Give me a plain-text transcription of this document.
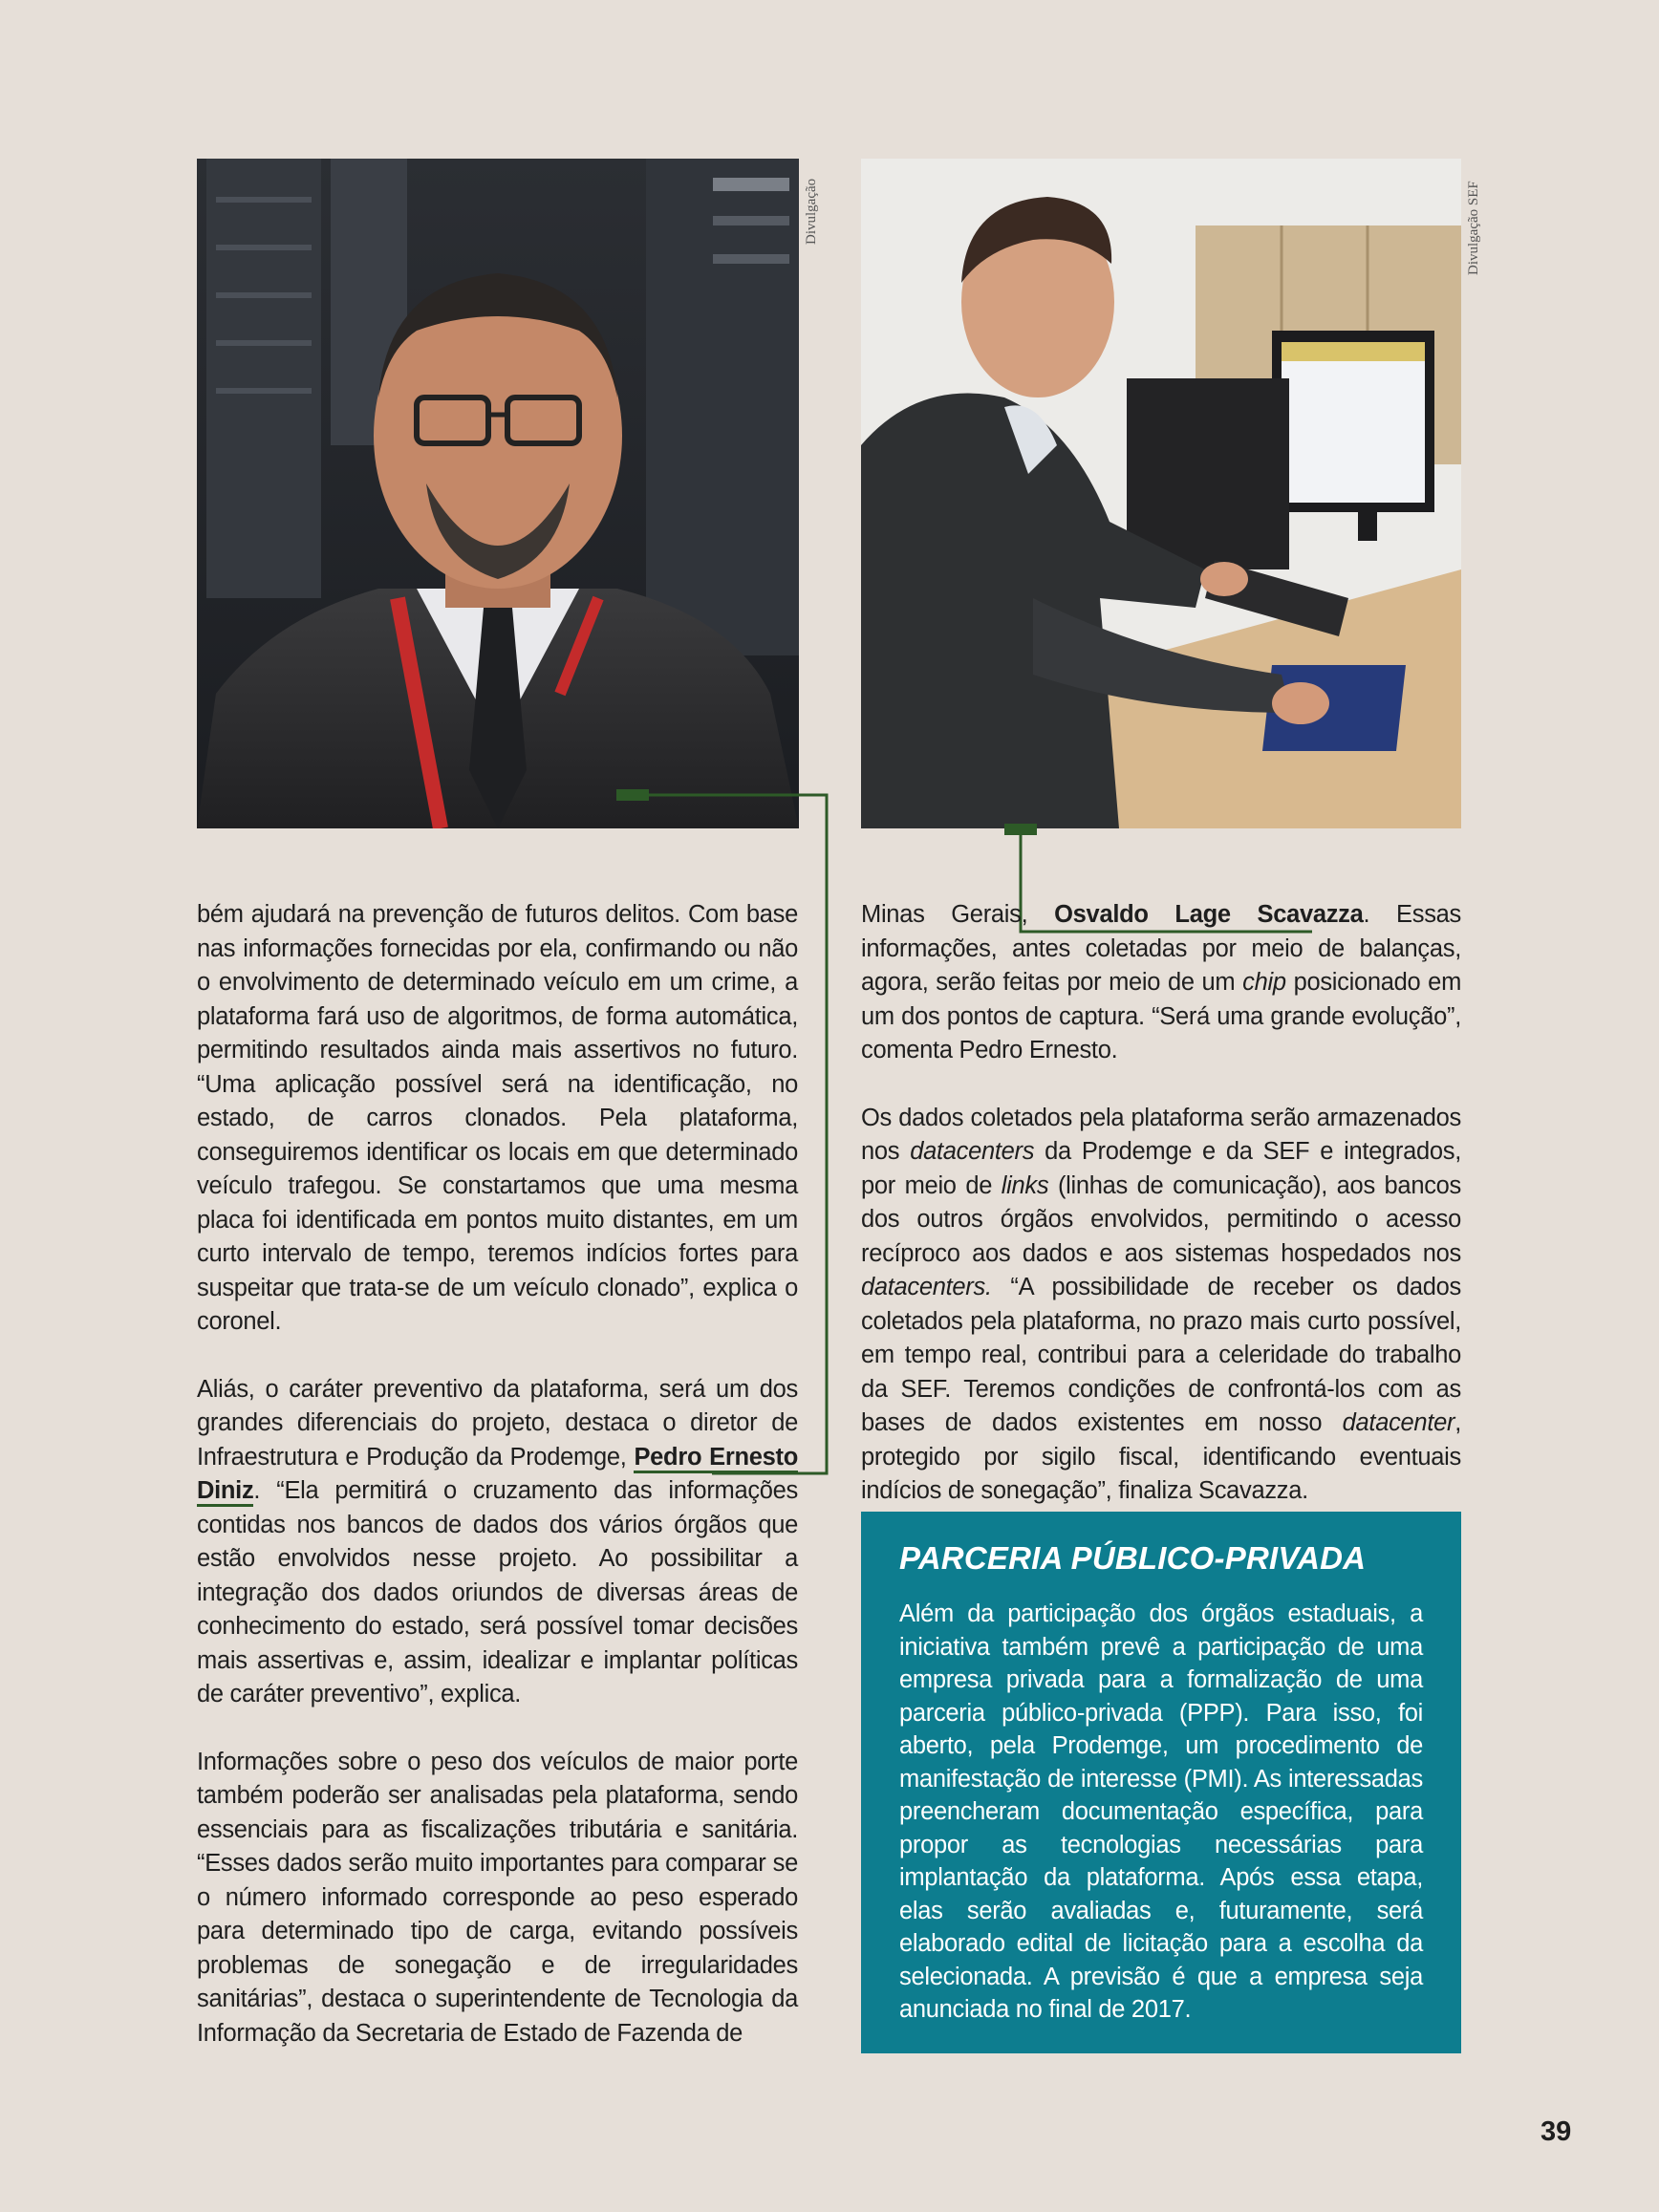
Divulgação	Divulgação SEF

bém ajudará na prevenção de futuros delitos. Com base nas informações fornecidas por ela, confirmando ou não o envolvimento de determinado veículo em um crime, a plataforma fará uso de algoritmos, de forma automática, permitindo resultados ainda mais assertivos no futuro. “Uma aplicação possível será na identificação, no estado, de carros clonados. Pela plataforma, conseguiremos identificar os locais em que determinado veículo trafegou. Se constartamos que uma mesma placa foi identificada em pontos muito distantes, em um curto intervalo de tempo, teremos indícios fortes para suspeitar que trata-se de um veículo clonado”, explica o coronel.

Aliás, o caráter preventivo da plataforma, será um dos grandes diferenciais do projeto, destaca o diretor de Infraestrutura e Produção da Prodemge, Pedro Ernesto Diniz. “Ela permitirá o cruzamento das informações contidas nos bancos de dados dos vários órgãos que estão envolvidos nesse projeto. Ao possibilitar a integração dos dados oriundos de diversas áreas de conhecimento do estado, será possível tomar decisões mais assertivas e, assim, idealizar e implantar políticas de caráter preventivo”, explica.

Informações sobre o peso dos veículos de maior porte também poderão ser analisadas pela plataforma, sendo essenciais para as fiscalizações tributária e sanitária. “Esses dados serão muito importantes para comparar se o número informado corresponde ao peso esperado para determinado tipo de carga, evitando possíveis problemas de sonegação e de irregularidades sanitárias”, destaca o superintendente de Tecnologia da Informação da Secretaria de Estado de Fazenda de

Minas Gerais, Osvaldo Lage Scavazza. Essas informações, antes coletadas por meio de balanças, agora, serão feitas por meio de um chip posicionado em um dos pontos de captura. “Será uma grande evolução”, comenta Pedro Ernesto.

Os dados coletados pela plataforma serão armazenados nos datacenters da Prodemge e da SEF e integrados, por meio de links (linhas de comunicação), aos bancos dos outros órgãos envolvidos, permitindo o acesso recíproco aos dados e aos sistemas hospedados nos datacenters. “A possibilidade de receber os dados coletados pela plataforma, no prazo mais curto possível, em tempo real, contribui para a celeridade do trabalho da SEF. Teremos condições de confrontá-los com as bases de dados existentes em nosso datacenter, protegido por sigilo fiscal, identificando eventuais indícios de sonegação”, finaliza Scavazza.

PARCERIA PÚBLICO-PRIVADA

Além da participação dos órgãos estaduais, a iniciativa também prevê a participação de uma empresa privada para a formalização de uma parceria público-privada (PPP). Para isso, foi aberto, pela Prodemge, um procedimento de manifestação de interesse (PMI). As interessadas preencheram documentação específica, para propor as tecnologias necessárias para implantação da plataforma. Após essa etapa, elas serão avaliadas e, futuramente, será elaborado edital de licitação para a escolha da selecionada. A previsão é que a empresa seja anunciada no final de 2017.

39
